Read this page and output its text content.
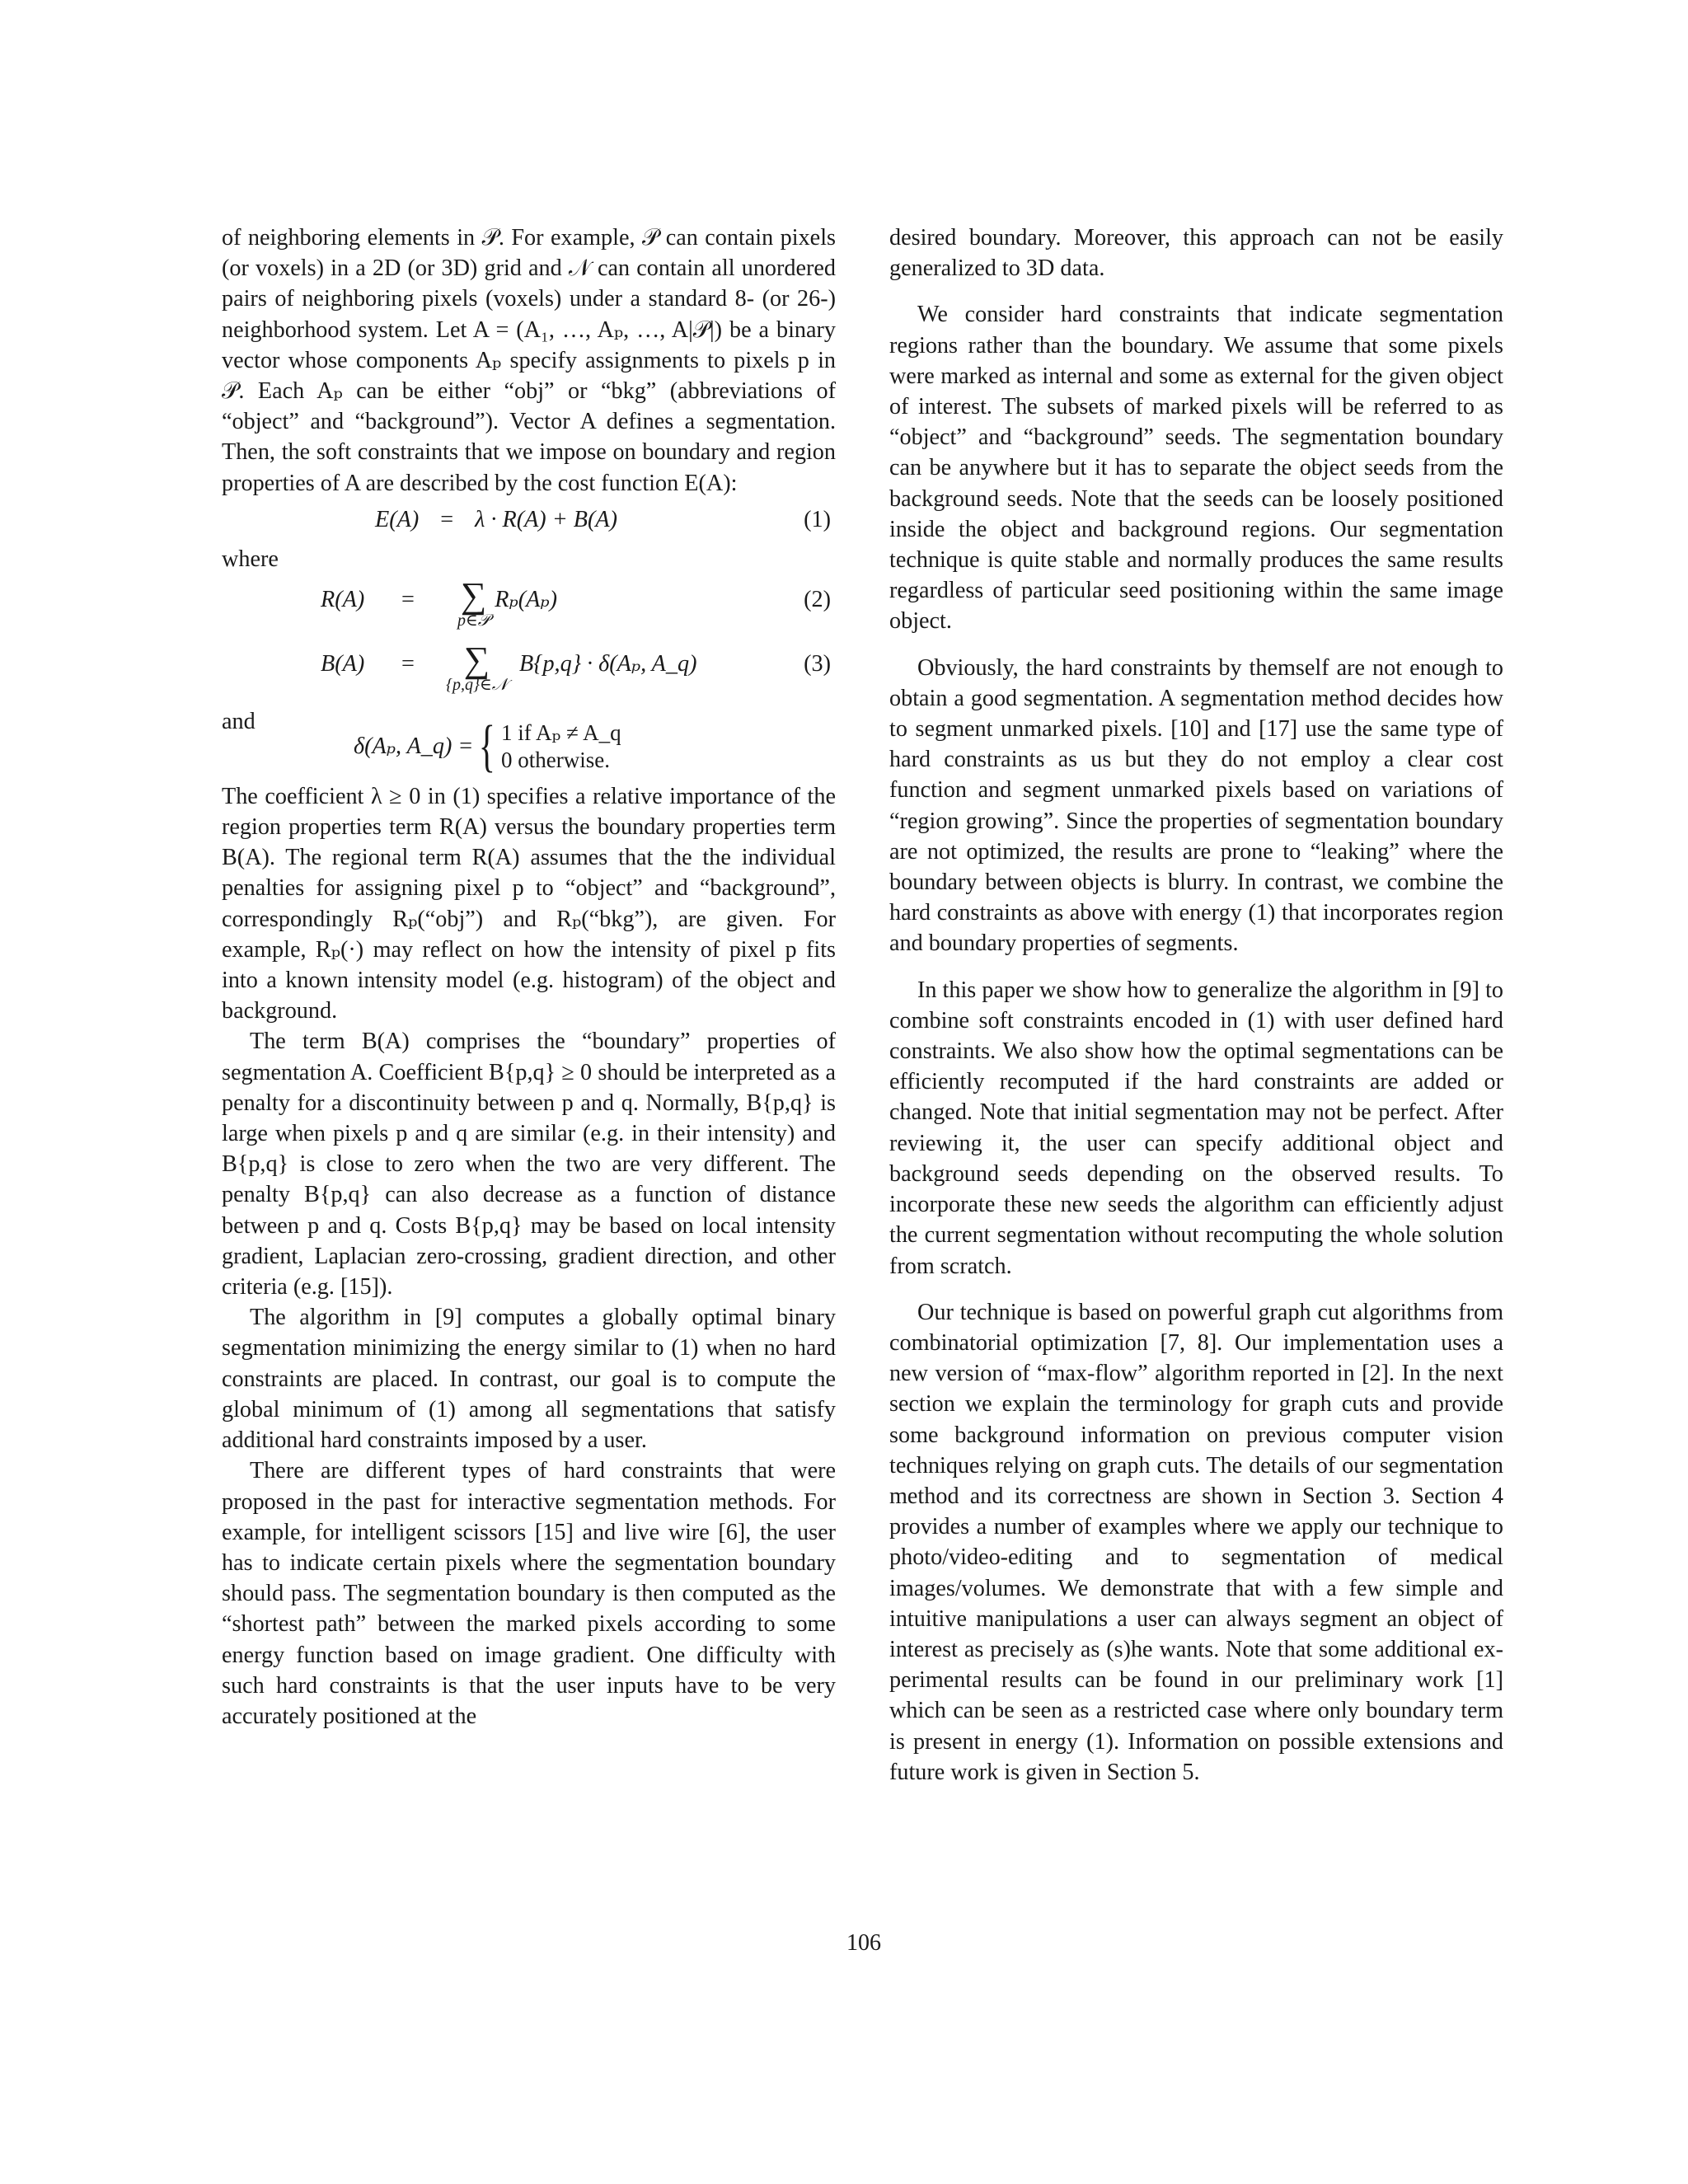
of neighboring elements in 𝒫. For example, 𝒫 can contain pixels (or voxels) in a 2D (or 3D) grid and 𝒩 can contain all unordered pairs of neighboring pixels (voxels) under a standard 8- (or 26-) neighborhood system. Let A = (A₁, …, Aₚ, …, A|𝒫|) be a binary vector whose components Aₚ specify assignments to pixels p in 𝒫. Each Aₚ can be either “obj” or “bkg” (abbreviations of “object” and “background”). Vector A defines a segmentation. Then, the soft constraints that we impose on boundary and region properties of A are described by the cost function E(A):

E(A) = λ · R(A) + B(A)	(1)
where
R(A)	=	∑
p∈𝒫
Rₚ(Aₚ)	(2)
B(A)	=	∑
{p,q}∈𝒩
B{p,q} · δ(Aₚ, A_q)	(3)
and
δ(Aₚ, A_q) = { 1 if Aₚ ≠ A_q
0 otherwise.

The coefficient λ ≥ 0 in (1) specifies a relative importance of the region properties term R(A) versus the boundary properties term B(A). The regional term R(A) assumes that the the individual penalties for assigning pixel p to “object” and “background”, correspondingly Rₚ(“obj”) and Rₚ(“bkg”), are given. For example, Rₚ(·) may reflect on how the intensity of pixel p fits into a known intensity model (e.g. histogram) of the object and background.

The term B(A) comprises the “boundary” properties of segmentation A. Coefficient B{p,q} ≥ 0 should be interpreted as a penalty for a discontinuity between p and q. Normally, B{p,q} is large when pixels p and q are similar (e.g. in their intensity) and B{p,q} is close to zero when the two are very different. The penalty B{p,q} can also decrease as a function of distance between p and q. Costs B{p,q} may be based on local intensity gradient, Laplacian zero-crossing, gradient direction, and other criteria (e.g. [15]).

The algorithm in [9] computes a globally optimal binary segmentation minimizing the energy similar to (1) when no hard constraints are placed. In contrast, our goal is to compute the global minimum of (1) among all segmentations that satisfy additional hard constraints imposed by a user.

There are different types of hard constraints that were proposed in the past for interactive segmentation methods. For example, for intelligent scissors [15] and live wire [6], the user has to indicate certain pixels where the segmentation boundary should pass. The segmentation boundary is then computed as the “shortest path” between the marked pixels according to some energy function based on image gradient. One difficulty with such hard constraints is that the user inputs have to be very accurately positioned at the

desired boundary. Moreover, this approach can not be easily generalized to 3D data.

We consider hard constraints that indicate segmentation regions rather than the boundary. We assume that some pixels were marked as internal and some as external for the given object of interest. The subsets of marked pixels will be referred to as “object” and “background” seeds. The segmentation boundary can be anywhere but it has to separate the object seeds from the background seeds. Note that the seeds can be loosely positioned inside the object and background regions. Our segmentation technique is quite stable and normally produces the same results regardless of particular seed positioning within the same image object.

Obviously, the hard constraints by themself are not enough to obtain a good segmentation. A segmentation method decides how to segment unmarked pixels. [10] and [17] use the same type of hard constraints as us but they do not employ a clear cost function and segment unmarked pixels based on variations of “region growing”. Since the properties of segmentation boundary are not optimized, the results are prone to “leaking” where the boundary between objects is blurry. In contrast, we combine the hard constraints as above with energy (1) that incorporates region and boundary properties of segments.

In this paper we show how to generalize the algorithm in [9] to combine soft constraints encoded in (1) with user defined hard constraints. We also show how the optimal segmentations can be efficiently recomputed if the hard constraints are added or changed. Note that initial segmentation may not be perfect. After reviewing it, the user can specify additional object and background seeds depending on the observed results. To incorporate these new seeds the algorithm can efficiently adjust the current segmentation without recomputing the whole solution from scratch.

Our technique is based on powerful graph cut algorithms from combinatorial optimization [7, 8]. Our implementation uses a new version of “max-flow” algorithm reported in [2]. In the next section we explain the terminology for graph cuts and provide some background information on previous computer vision techniques relying on graph cuts. The details of our segmentation method and its correctness are shown in Section 3. Section 4 provides a number of examples where we apply our technique to photo/video-editing and to segmentation of medical images/volumes. We demonstrate that with a few simple and intuitive manipulations a user can always segment an object of interest as precisely as (s)he wants. Note that some additional experimental results can be found in our preliminary work [1] which can be seen as a restricted case where only boundary term is present in energy (1). Information on possible extensions and future work is given in Section 5.

106
